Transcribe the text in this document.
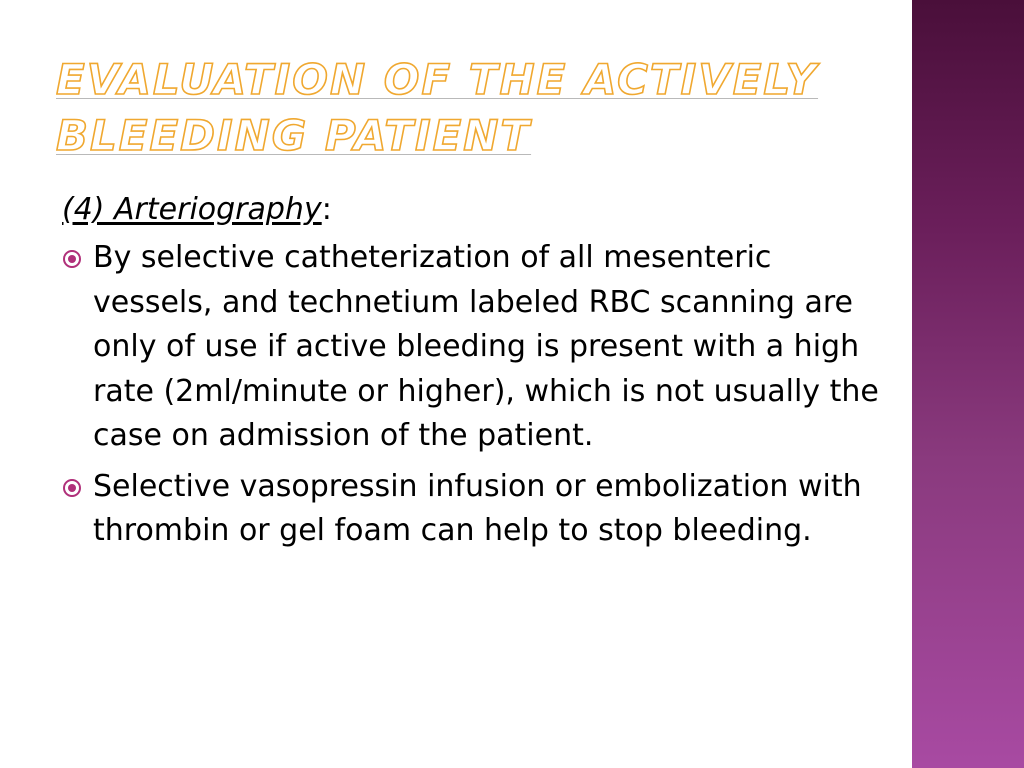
EVALUATION OF THE ACTIVELY
BLEEDING PATIENT
(4) Arteriography:
By selective catheterization of all mesenteric vessels, and technetium labeled RBC scanning are only of use if active bleeding is present with a high rate (2ml/minute or higher), which is not usually the case on admission of the patient.
Selective vasopressin infusion or embolization with thrombin or gel foam can help to stop bleeding.
